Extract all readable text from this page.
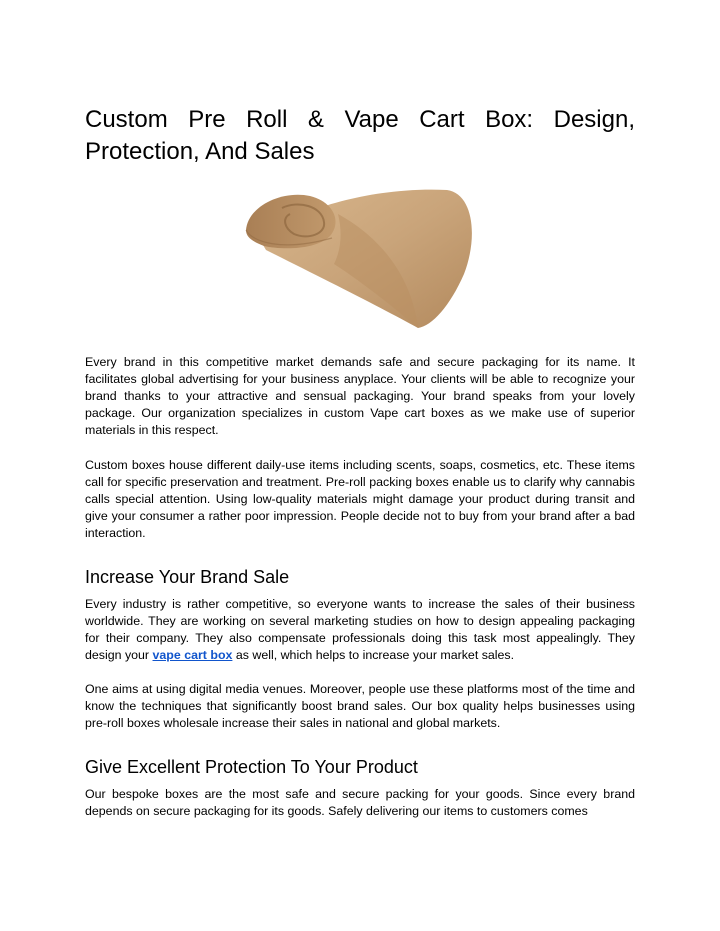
Custom Pre Roll & Vape Cart Box: Design, Protection, And Sales

Every brand in this competitive market demands safe and secure packaging for its name. It facilitates global advertising for your business anyplace. Your clients will be able to recognize your brand thanks to your attractive and sensual packaging. Your brand speaks from your lovely package. Our organization specializes in custom Vape cart boxes as we make use of superior materials in this respect.

Custom boxes house different daily-use items including scents, soaps, cosmetics, etc. These items call for specific preservation and treatment. Pre-roll packing boxes enable us to clarify why cannabis calls special attention. Using low-quality materials might damage your product during transit and give your consumer a rather poor impression. People decide not to buy from your brand after a bad interaction.

Increase Your Brand Sale

Every industry is rather competitive, so everyone wants to increase the sales of their business worldwide. They are working on several marketing studies on how to design appealing packaging for their company. They also compensate professionals doing this task most appealingly. They design your vape cart box as well, which helps to increase your market sales.

One aims at using digital media venues. Moreover, people use these platforms most of the time and know the techniques that significantly boost brand sales. Our box quality helps businesses using pre-roll boxes wholesale increase their sales in national and global markets.

Give Excellent Protection To Your Product

Our bespoke boxes are the most safe and secure packing for your goods. Since every brand depends on secure packaging for its goods. Safely delivering our items to customers comes
